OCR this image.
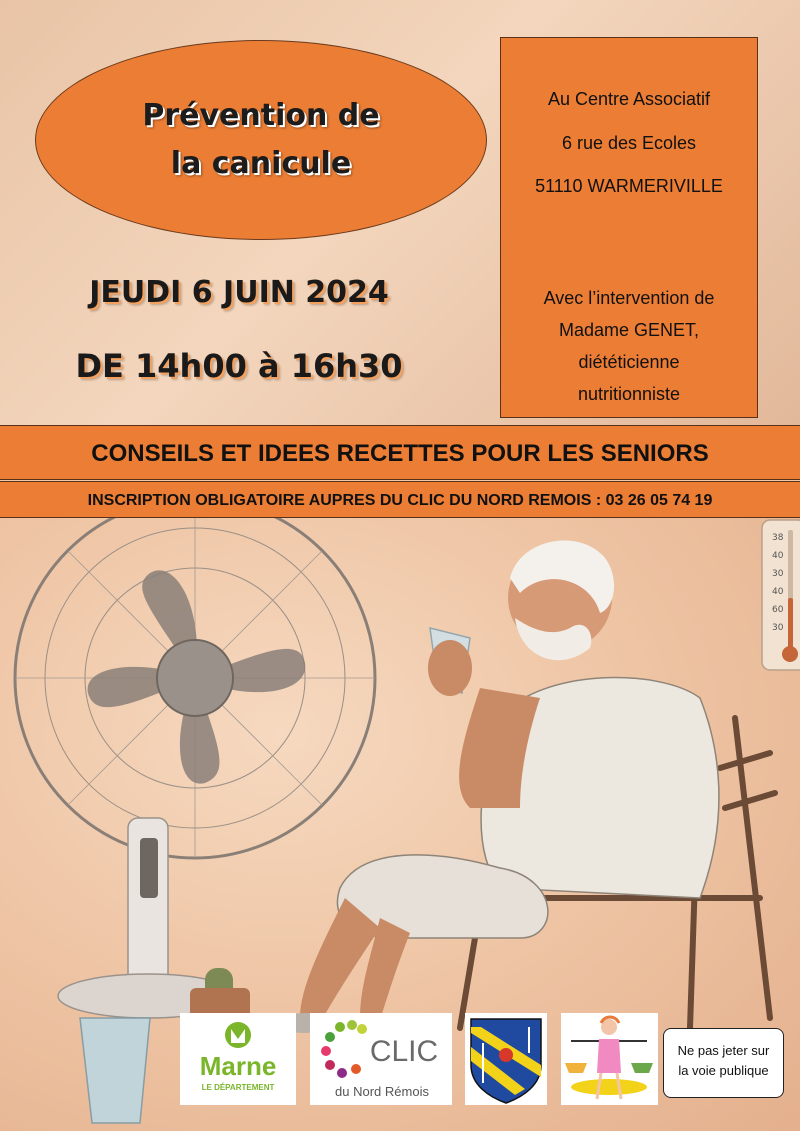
Prévention de
la canicule
JEUDI 6 JUIN 2024
DE 14h00 à 16h30
Au Centre Associatif
6 rue des Ecoles
51110 WARMERIVILLE
Avec l’intervention de
Madame GENET,
diététicienne
nutritionniste
CONSEILS ET IDEES RECETTES POUR LES SENIORS
INSCRIPTION OBLIGATOIRE AUPRES DU CLIC DU NORD REMOIS : 03 26 05 74 19
38
40
30
40
60
30
Marne
LE DÉPARTEMENT
CLIC
du Nord Rémois
Ne pas jeter sur
la voie publique
